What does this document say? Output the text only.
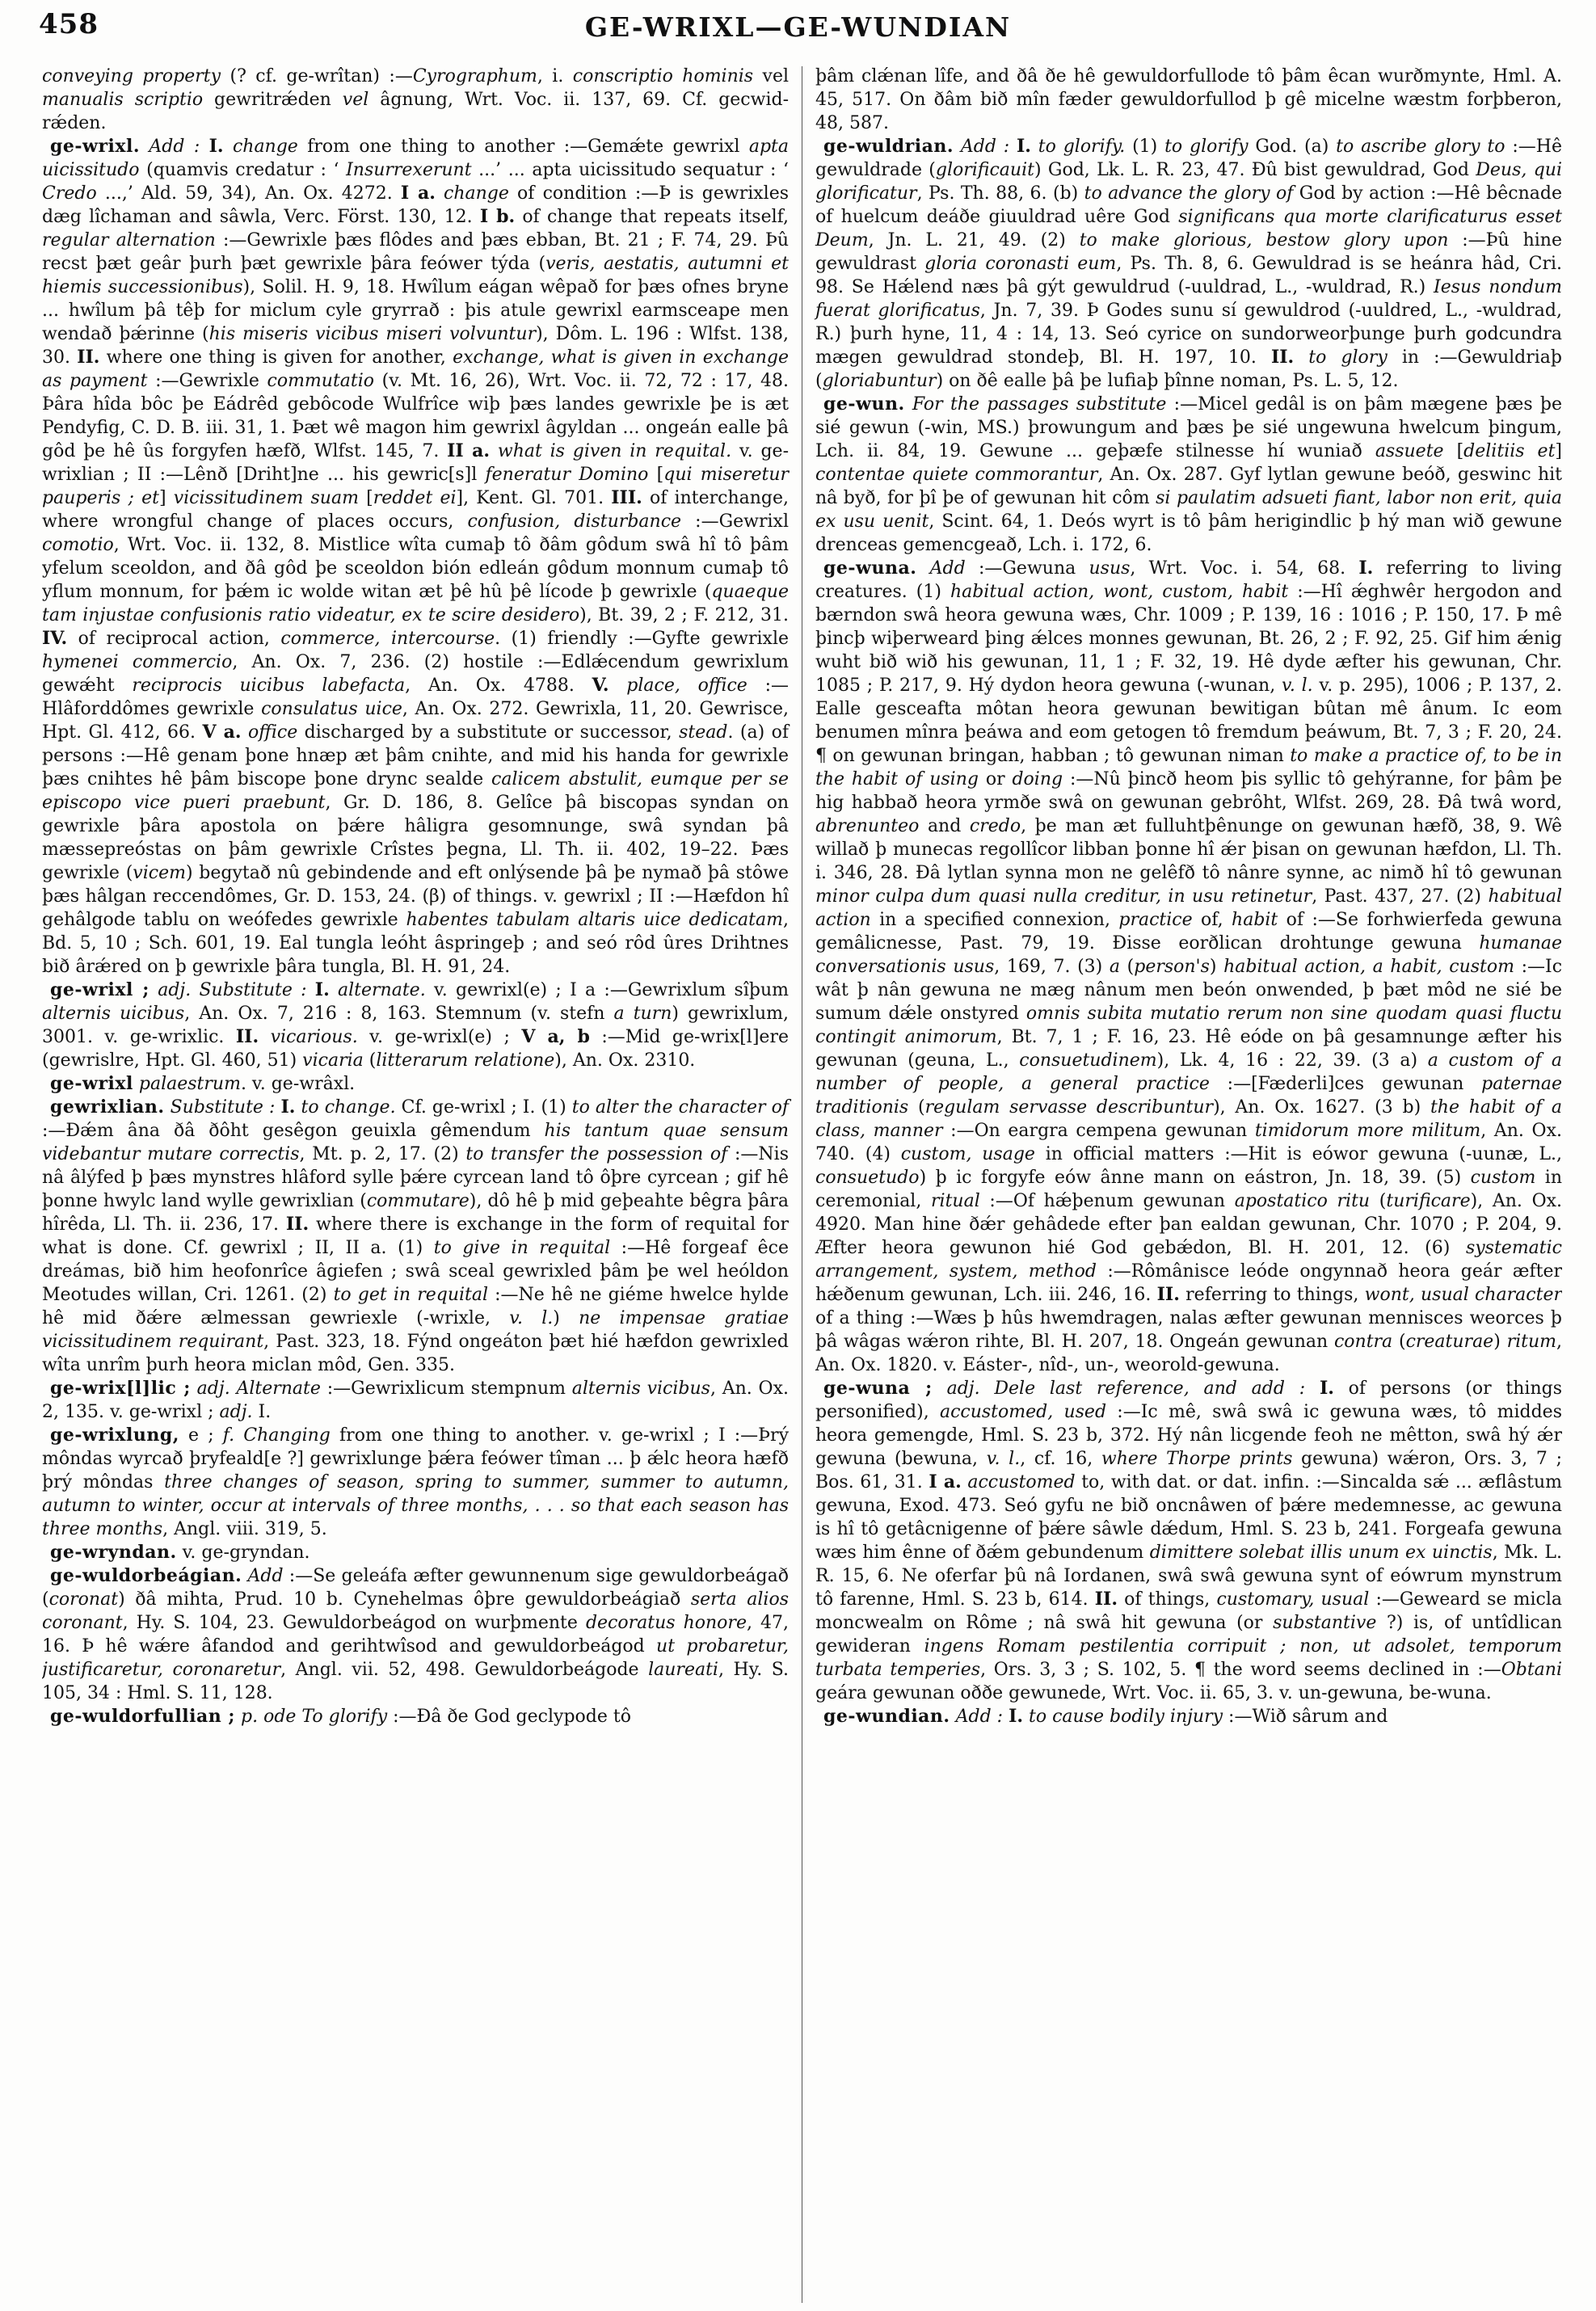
458	GE-WRIXL—GE-WUNDIAN

conveying property (? cf. ge-wrîtan) :—Cyrographum, i. conscriptio hominis vel manualis scriptio gewritrǽden vel âgnung, Wrt. Voc. ii. 137, 69. Cf. gecwid-rǽden.

ge-wrixl. Add : I. change from one thing to another :—Gemǽte gewrixl apta uicissitudo (quamvis credatur : ‘ Insurrexerunt ...’ ... apta uicissitudo sequatur : ‘ Credo ...,’ Ald. 59, 34), An. Ox. 4272. I a. change of condition :—Þ is gewrixles dæg lîchaman and sâwla, Verc. Först. 130, 12. I b. of change that repeats itself, regular alternation :—Gewrixle þæs flôdes and þæs ebban, Bt. 21 ; F. 74, 29. Þû recst þæt geâr þurh þæt gewrixle þâra feówer týda (veris, aestatis, autumni et hiemis successionibus), Solil. H. 9, 18. Hwîlum eágan wêpað for þæs ofnes bryne ... hwîlum þâ têþ for miclum cyle gryrrað : þis atule gewrixl earmsceape men wendað þǽrinne (his miseris vicibus miseri volvuntur), Dôm. L. 196 : Wlfst. 138, 30. II. where one thing is given for another, exchange, what is given in exchange as payment :—Gewrixle commutatio (v. Mt. 16, 26), Wrt. Voc. ii. 72, 72 : 17, 48. Þâra hîda bôc þe Eádrêd gebôcode Wulfrîce wiþ þæs landes gewrixle þe is æt Pendyfig, C. D. B. iii. 31, 1. Þæt wê magon him gewrixl âgyldan ... ongeán ealle þâ gôd þe hê ûs forgyfen hæfð, Wlfst. 145, 7. II a. what is given in requital. v. ge-wrixlian ; II :—Lênð [Driht]ne ... his gewric[s]l feneratur Domino [qui miseretur pauperis ; et] vicissitudinem suam [reddet ei], Kent. Gl. 701. III. of interchange, where wrongful change of places occurs, confusion, disturbance :—Gewrixl comotio, Wrt. Voc. ii. 132, 8. Mistlice wîta cumaþ tô ðâm gôdum swâ hî tô þâm yfelum sceoldon, and ðâ gôd þe sceoldon bión edleán gôdum monnum cumaþ tô yflum monnum, for þǽm ic wolde witan æt þê hû þê lícode þ gewrixle (quaeque tam injustae confusionis ratio videatur, ex te scire desidero), Bt. 39, 2 ; F. 212, 31. IV. of reciprocal action, commerce, intercourse. (1) friendly :—Gyfte gewrixle hymenei commercio, An. Ox. 7, 236. (2) hostile :—Edlǽcendum gewrixlum gewǽht reciprocis uicibus labefacta, An. Ox. 4788. V. place, office :—Hlâforddômes gewrixle consulatus uice, An. Ox. 272. Gewrixla, 11, 20. Gewrisce, Hpt. Gl. 412, 66. V a. office discharged by a substitute or successor, stead. (a) of persons :—Hê genam þone hnæp æt þâm cnihte, and mid his handa for gewrixle þæs cnihtes hê þâm biscope þone drync sealde calicem abstulit, eumque per se episcopo vice pueri praebunt, Gr. D. 186, 8. Gelîce þâ biscopas syndan on gewrixle þâra apostola on þǽre hâligra gesomnunge, swâ syndan þâ mæssepreóstas on þâm gewrixle Crîstes þegna, Ll. Th. ii. 402, 19–22. Þæs gewrixle (vicem) begytað nû gebindende and eft onlýsende þâ þe nymað þâ stôwe þæs hâlgan reccendômes, Gr. D. 153, 24. (β) of things. v. gewrixl ; II :—Hæfdon hî gehâlgode tablu on weófedes gewrixle habentes tabulam altaris uice dedicatam, Bd. 5, 10 ; Sch. 601, 19. Eal tungla leóht âspringeþ ; and seó rôd ûres Drihtnes bið ârǽred on þ gewrixle þâra tungla, Bl. H. 91, 24.

ge-wrixl ; adj. Substitute : I. alternate. v. gewrixl(e) ; I a :—Gewrixlum sîþum alternis uicibus, An. Ox. 7, 216 : 8, 163. Stemnum (v. stefn a turn) gewrixlum, 3001. v. ge-wrixlic. II. vicarious. v. ge-wrixl(e) ; V a, b :—Mid ge-wrix[l]ere (gewrislre, Hpt. Gl. 460, 51) vicaria (litterarum relatione), An. Ox. 2310.

ge-wrixl palaestrum. v. ge-wrâxl.

gewrixlian. Substitute : I. to change. Cf. ge-wrixl ; I. (1) to alter the character of :—Ðǽm âna ðâ ðôht gesêgon geuixla gêmendum his tantum quae sensum videbantur mutare correctis, Mt. p. 2, 17. (2) to transfer the possession of :—Nis nâ âlýfed þ þæs mynstres hlâford sylle þǽre cyrcean land tô ôþre cyrcean ; gif hê þonne hwylc land wylle gewrixlian (commutare), dô hê þ mid geþeahte bêgra þâra hîrêda, Ll. Th. ii. 236, 17. II. where there is exchange in the form of requital for what is done. Cf. gewrixl ; II, II a. (1) to give in requital :—Hê forgeaf êce dreámas, bið him heofonrîce âgiefen ; swâ sceal gewrixled þâm þe wel heóldon Meotudes willan, Cri. 1261. (2) to get in requital :—Ne hê ne giéme hwelce hylde hê mid ðǽre ælmessan gewriexle (-wrixle, v. l.) ne impensae gratiae vicissitudinem requirant, Past. 323, 18. Fýnd ongeáton þæt hié hæfdon gewrixled wîta unrîm þurh heora miclan môd, Gen. 335.

ge-wrix[l]lic ; adj. Alternate :—Gewrixlicum stempnum alternis vicibus, An. Ox. 2, 135. v. ge-wrixl ; adj. I.

ge-wrixlung, e ; f. Changing from one thing to another. v. ge-wrixl ; I :—Þrý môndas wyrcað þryfeald[e ?] gewrixlunge þǽra feówer tîman ... þ ǽlc heora hæfð þrý môndas three changes of season, spring to summer, summer to autumn, autumn to winter, occur at intervals of three months, . . . so that each season has three months, Angl. viii. 319, 5.

ge-wryndan. v. ge-gryndan.

ge-wuldorbeágian. Add :—Se geleáfa æfter gewunnenum sige gewuldorbeágað (coronat) ðâ mihta, Prud. 10 b. Cynehelmas ôþre gewuldorbeágiað serta alios coronant, Hy. S. 104, 23. Gewuldorbeágod on wurþmente decoratus honore, 47, 16. Þ hê wǽre âfandod and gerihtwîsod and gewuldorbeágod ut probaretur, justificaretur, coronaretur, Angl. vii. 52, 498. Gewuldorbeágode laureati, Hy. S. 105, 34 : Hml. S. 11, 128.

ge-wuldorfullian ; p. ode To glorify :—Ðâ ðe God geclypode tô

þâm clǽnan lîfe, and ðâ ðe hê gewuldorfullode tô þâm êcan wurðmynte, Hml. A. 45, 517. On ðâm bið mîn fæder gewuldorfullod þ gê micelne wæstm forþberon, 48, 587.

ge-wuldrian. Add : I. to glorify. (1) to glorify God. (a) to ascribe glory to :—Hê gewuldrade (glorificauit) God, Lk. L. R. 23, 47. Ðû bist gewuldrad, God Deus, qui glorificatur, Ps. Th. 88, 6. (b) to advance the glory of God by action :—Hê bêcnade of huelcum deáðe giuuldrad uêre God significans qua morte clarificaturus esset Deum, Jn. L. 21, 49. (2) to make glorious, bestow glory upon :—Þû hine gewuldrast gloria coronasti eum, Ps. Th. 8, 6. Gewuldrad is se heánra hâd, Cri. 98. Se Hǽlend næs þâ gýt gewuldrud (-uuldrad, L., -wuldrad, R.) Iesus nondum fuerat glorificatus, Jn. 7, 39. Þ Godes sunu sí gewuldrod (-uuldred, L., -wuldrad, R.) þurh hyne, 11, 4 : 14, 13. Seó cyrice on sundorweorþunge þurh godcundra mægen gewuldrad stondeþ, Bl. H. 197, 10. II. to glory in :—Gewuldriaþ (gloriabuntur) on ðê ealle þâ þe lufiaþ þînne noman, Ps. L. 5, 12.

ge-wun. For the passages substitute :—Micel gedâl is on þâm mægene þæs þe sié gewun (-win, MS.) þrowungum and þæs þe sié ungewuna hwelcum þingum, Lch. ii. 84, 19. Gewune ... geþæfe stilnesse hí wuniað assuete [delitiis et] contentae quiete commorantur, An. Ox. 287. Gyf lytlan gewune beóð, geswinc hit nâ byð, for þî þe of gewunan hit côm si paulatim adsueti fiant, labor non erit, quia ex usu uenit, Scint. 64, 1. Deós wyrt is tô þâm herigindlic þ hý man wið gewune drenceas gemencgeað, Lch. i. 172, 6.

ge-wuna. Add :—Gewuna usus, Wrt. Voc. i. 54, 68. I. referring to living creatures. (1) habitual action, wont, custom, habit :—Hî ǽghwêr hergodon and bærndon swâ heora gewuna wæs, Chr. 1009 ; P. 139, 16 : 1016 ; P. 150, 17. Þ mê þincþ wiþerweard þing ǽlces monnes gewunan, Bt. 26, 2 ; F. 92, 25. Gif him ǽnig wuht bið wið his gewunan, 11, 1 ; F. 32, 19. Hê dyde æfter his gewunan, Chr. 1085 ; P. 217, 9. Hý dydon heora gewuna (-wunan, v. l. v. p. 295), 1006 ; P. 137, 2. Ealle gesceafta môtan heora gewunan bewitigan bûtan mê ânum. Ic eom benumen mînra þeáwa and eom getogen tô fremdum þeáwum, Bt. 7, 3 ; F. 20, 24. ¶ on gewunan bringan, habban ; tô gewunan niman to make a practice of, to be in the habit of using or doing :—Nû þincð heom þis syllic tô gehýranne, for þâm þe hig habbað heora yrmðe swâ on gewunan gebrôht, Wlfst. 269, 28. Ðâ twâ word, abrenunteo and credo, þe man æt fulluhtþênunge on gewunan hæfð, 38, 9. Wê willað þ munecas regollîcor libban þonne hî ǽr þisan on gewunan hæfdon, Ll. Th. i. 346, 28. Ðâ lytlan synna mon ne gelêfð tô nânre synne, ac nimð hî tô gewunan minor culpa dum quasi nulla creditur, in usu retinetur, Past. 437, 27. (2) habitual action in a specified connexion, practice of, habit of :—Se forhwierfeda gewuna gemâlicnesse, Past. 79, 19. Ðisse eorðlican drohtunge gewuna humanae conversationis usus, 169, 7. (3) a (person's) habitual action, a habit, custom :—Ic wât þ nân gewuna ne mæg nânum men beón onwended, þ þæt môd ne sié be sumum dǽle onstyred omnis subita mutatio rerum non sine quodam quasi fluctu contingit animorum, Bt. 7, 1 ; F. 16, 23. Hê eóde on þâ gesamnunge æfter his gewunan (geuna, L., consuetudinem), Lk. 4, 16 : 22, 39. (3 a) a custom of a number of people, a general practice :—[Fæderli]ces gewunan paternae traditionis (regulam servasse describuntur), An. Ox. 1627. (3 b) the habit of a class, manner :—On eargra cempena gewunan timidorum more militum, An. Ox. 740. (4) custom, usage in official matters :—Hit is eówor gewuna (-uunæ, L., consuetudo) þ ic forgyfe eów ânne mann on eástron, Jn. 18, 39. (5) custom in ceremonial, ritual :—Of hǽþenum gewunan apostatico ritu (turificare), An. Ox. 4920. Man hine ðǽr gehâdede efter þan ealdan gewunan, Chr. 1070 ; P. 204, 9. Æfter heora gewunon hié God gebǽdon, Bl. H. 201, 12. (6) systematic arrangement, system, method :—Rômânisce leóde ongynnað heora geár æfter hǽðenum gewunan, Lch. iii. 246, 16. II. referring to things, wont, usual character of a thing :—Wæs þ hûs hwemdragen, nalas æfter gewunan mennisces weorces þ þâ wâgas wǽron rihte, Bl. H. 207, 18. Ongeán gewunan contra (creaturae) ritum, An. Ox. 1820. v. Eáster-, nîd-, un-, weorold-gewuna.

ge-wuna ; adj. Dele last reference, and add : I. of persons (or things personified), accustomed, used :—Ic mê, swâ swâ ic gewuna wæs, tô middes heora gemengde, Hml. S. 23 b, 372. Hý nân licgende feoh ne mêtton, swâ hý ǽr gewuna (bewuna, v. l., cf. 16, where Thorpe prints gewuna) wǽron, Ors. 3, 7 ; Bos. 61, 31. I a. accustomed to, with dat. or dat. infin. :—Sincalda sǽ ... æflâstum gewuna, Exod. 473. Seó gyfu ne bið oncnâwen of þǽre medemnesse, ac gewuna is hî tô getâcnigenne of þǽre sâwle dǽdum, Hml. S. 23 b, 241. Forgeafa gewuna wæs him ênne of ðǽm gebundenum dimittere solebat illis unum ex uinctis, Mk. L. R. 15, 6. Ne oferfar þû nâ Iordanen, swâ swâ gewuna synt of eówrum mynstrum tô farenne, Hml. S. 23 b, 614. II. of things, customary, usual :—Geweard se micla moncwealm on Rôme ; nâ swâ hit gewuna (or substantive ?) is, of untîdlican gewideran ingens Romam pestilentia corripuit ; non, ut adsolet, temporum turbata temperies, Ors. 3, 3 ; S. 102, 5. ¶ the word seems declined in :—Obtani geára gewunan oððe gewunede, Wrt. Voc. ii. 65, 3. v. un-gewuna, be-wuna.

ge-wundian. Add : I. to cause bodily injury :—Wið sârum and
